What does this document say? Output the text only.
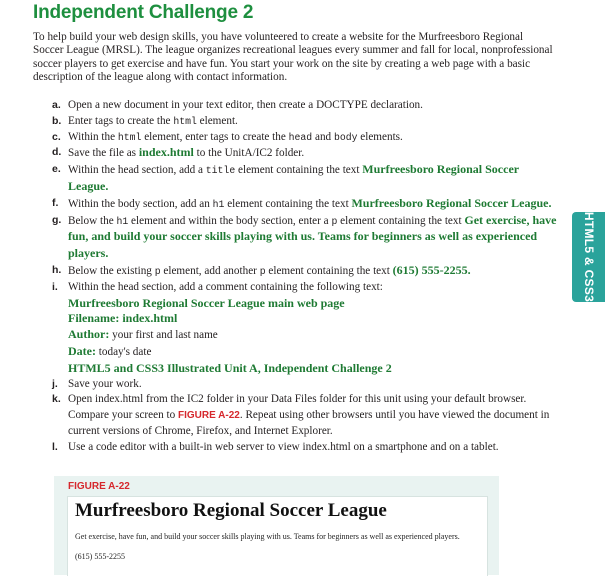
Independent Challenge 2
To help build your web design skills, you have volunteered to create a website for the Murfreesboro Regional Soccer League (MRSL). The league organizes recreational leagues every summer and fall for local, nonprofessional soccer players to get exercise and have fun. You start your work on the site by creating a web page with a basic description of the league along with contact information.
a. Open a new document in your text editor, then create a DOCTYPE declaration.
b. Enter tags to create the html element.
c. Within the html element, enter tags to create the head and body elements.
d. Save the file as index.html to the UnitA/IC2 folder.
e. Within the head section, add a title element containing the text Murfreesboro Regional Soccer League.
f. Within the body section, add an h1 element containing the text Murfreesboro Regional Soccer League.
g. Below the h1 element and within the body section, enter a p element containing the text Get exercise, have fun, and build your soccer skills playing with us. Teams for beginners as well as experienced players.
h. Below the existing p element, add another p element containing the text (615) 555-2255.
i. Within the head section, add a comment containing the following text:
Murfreesboro Regional Soccer League main web page
Filename: index.html
Author: your first and last name
Date: today's date
HTML5 and CSS3 Illustrated Unit A, Independent Challenge 2
j. Save your work.
k. Open index.html from the IC2 folder in your Data Files folder for this unit using your default browser. Compare your screen to FIGURE A-22. Repeat using other browsers until you have viewed the document in current versions of Chrome, Firefox, and Internet Explorer.
l. Use a code editor with a built-in web server to view index.html on a smartphone and on a tablet.
HTML5 & CSS3
FIGURE A-22
Murfreesboro Regional Soccer League
Get exercise, have fun, and build your soccer skills playing with us. Teams for beginners as well as experienced players.
(615) 555-2255
